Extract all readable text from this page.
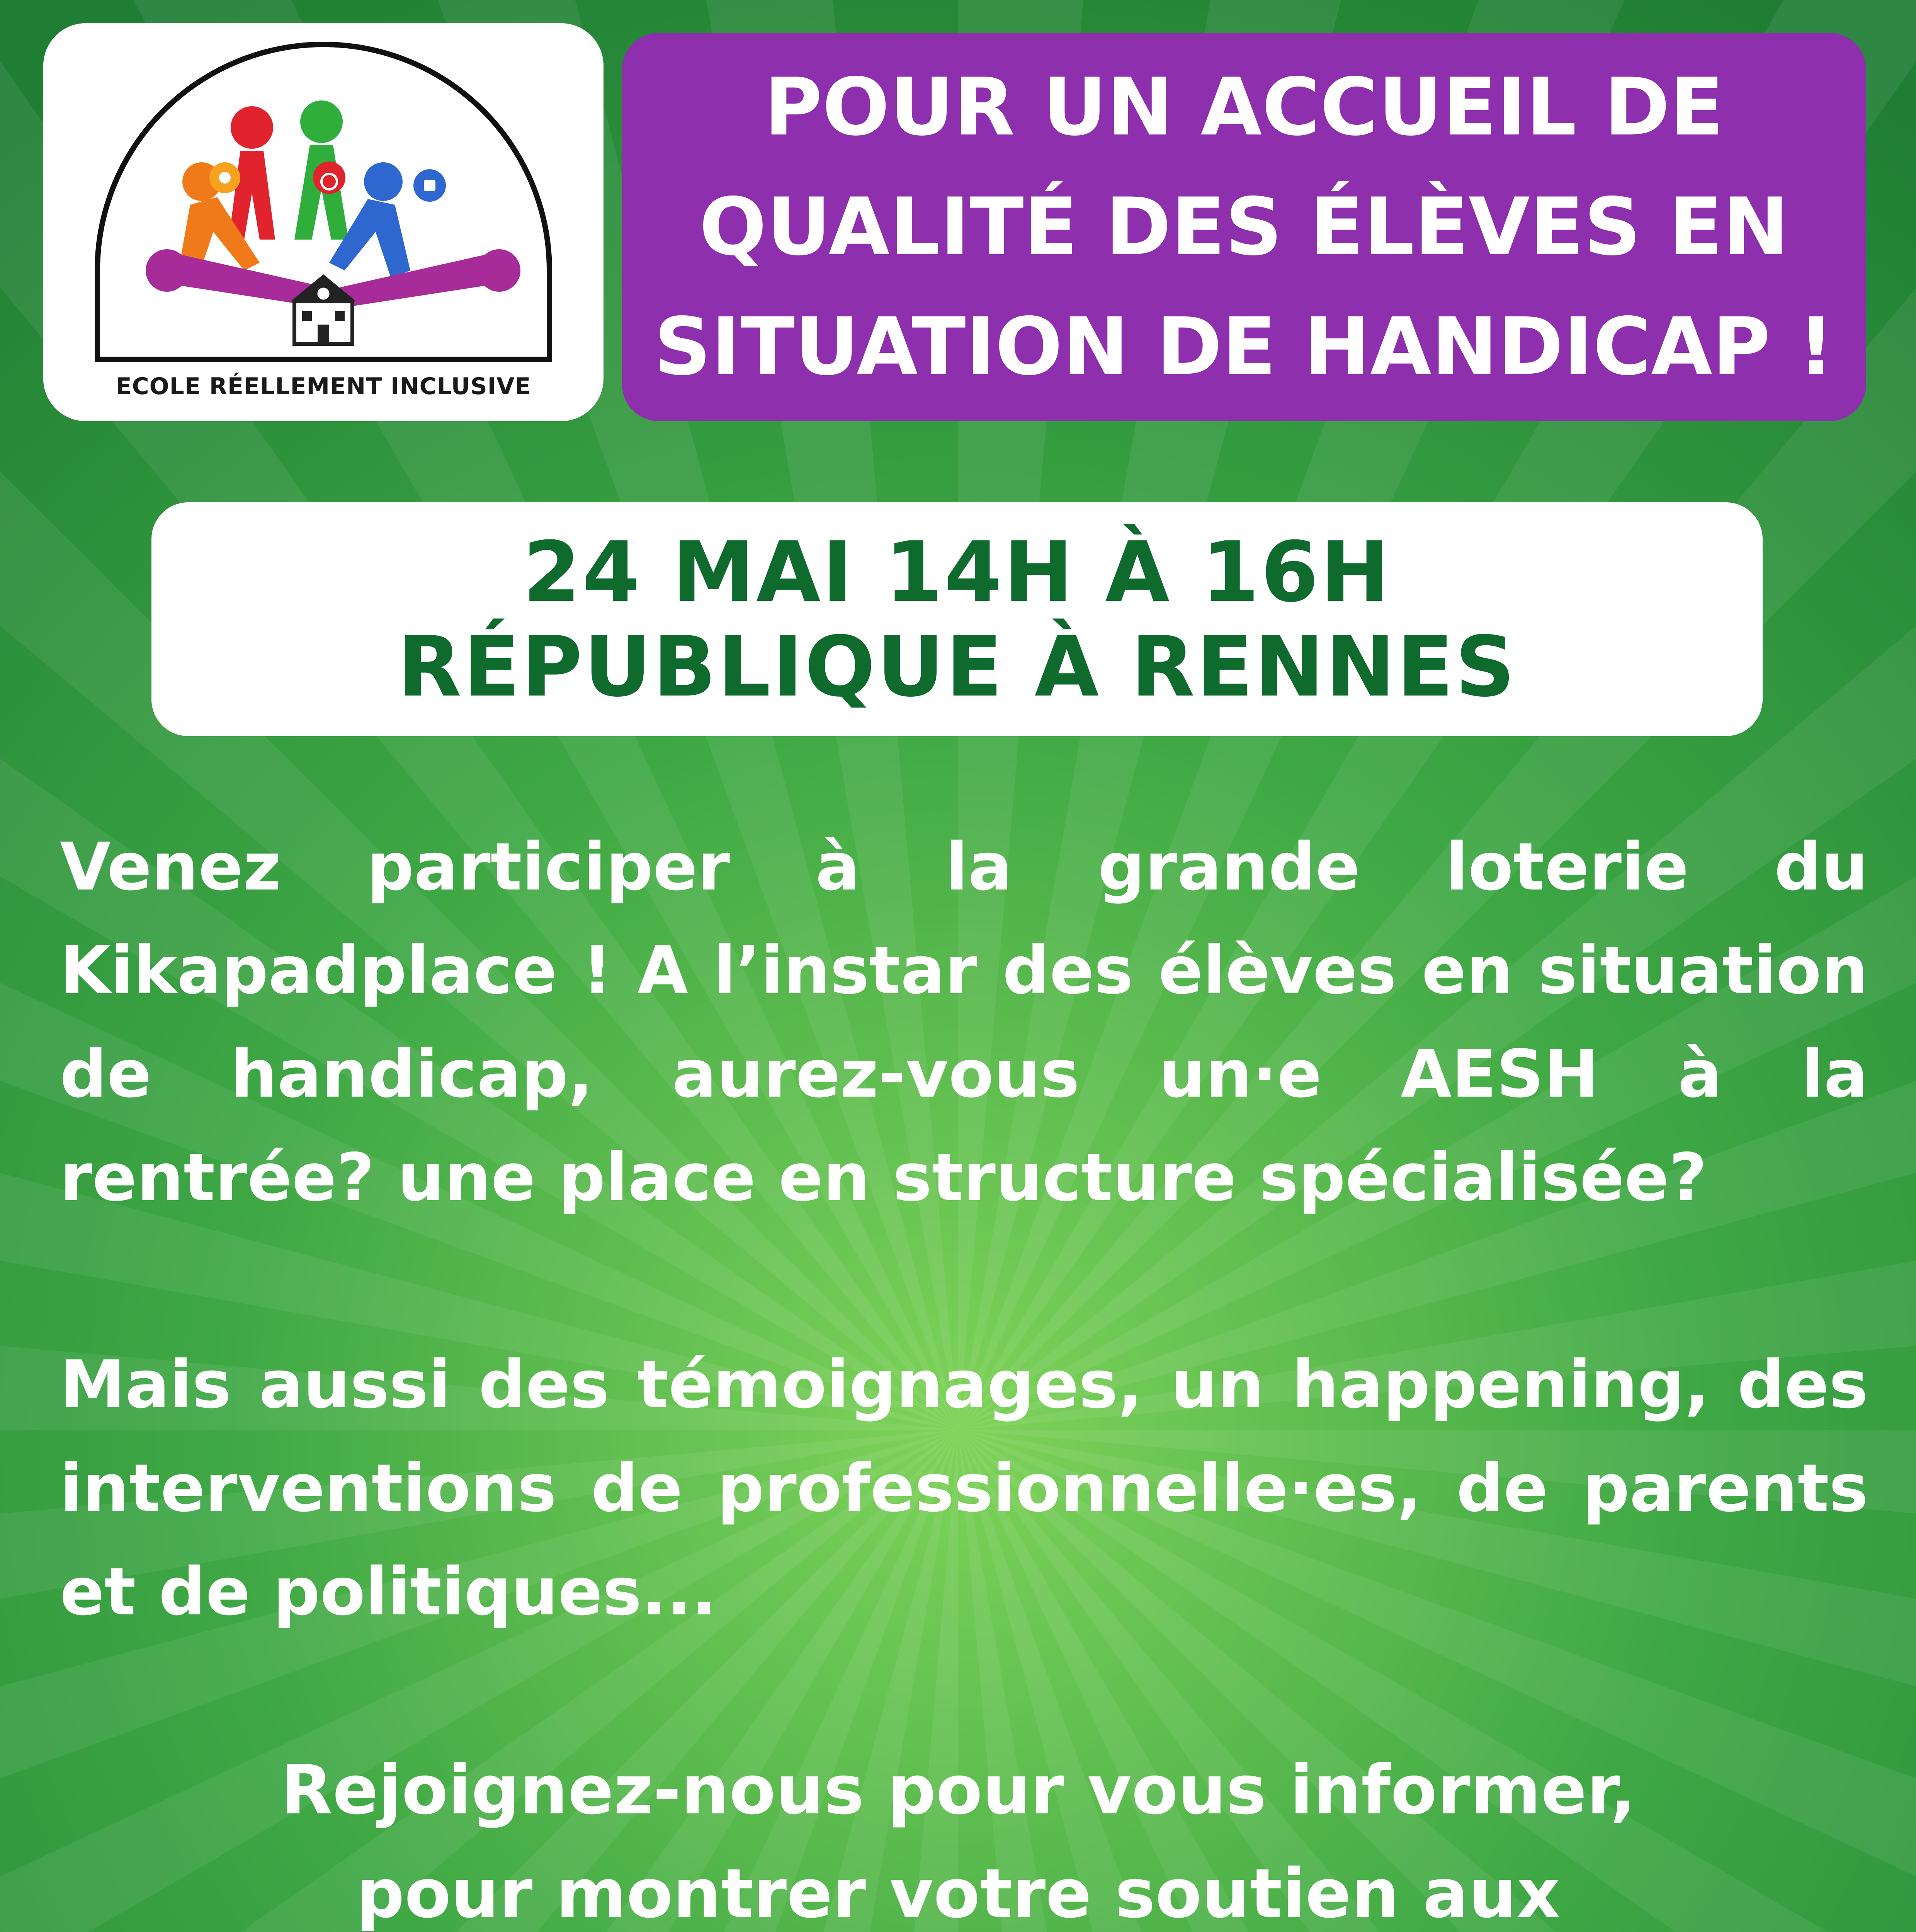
ECOLE RÉELLEMENT INCLUSIVE
POUR UN ACCUEIL DE
QUALITÉ DES ÉLÈVES EN
SITUATION DE HANDICAP !
24 MAI 14H À 16H
RÉPUBLIQUE À RENNES
Venez participer à la grande loterie du Kikapadplace ! A l’instar des élèves en situation de handicap, aurez-vous un·e AESH à la rentrée? une place en structure spécialisée?
Mais aussi des témoignages, un happening, des interventions de professionnelle·es, de parents et de politiques...
Rejoignez-nous pour vous informer, pour montrer votre soutien aux
